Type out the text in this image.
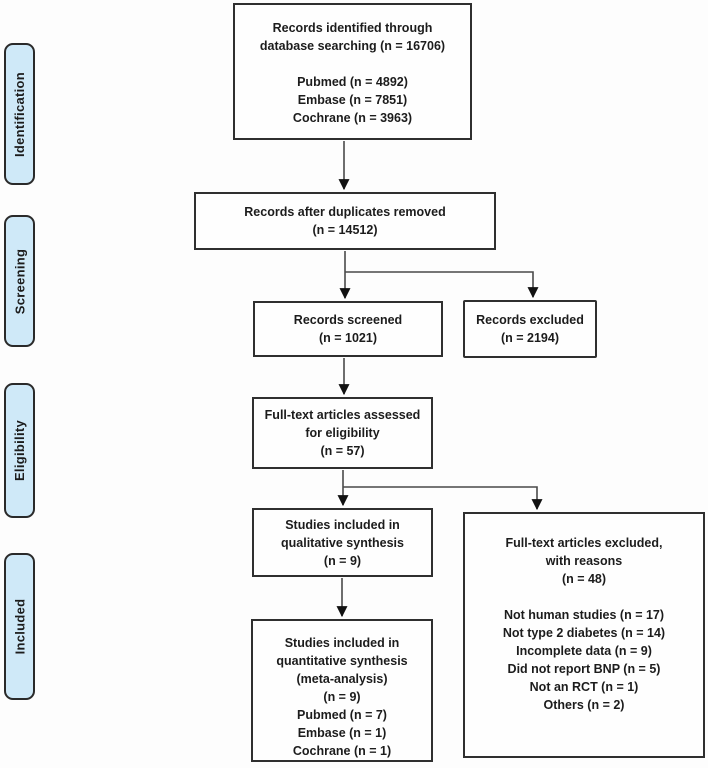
Identification
Screening
Eligibility
Included
Records identified through
database searching (n = 16706)
Pubmed (n = 4892)
Embase (n = 7851)
Cochrane (n = 3963)
Records after duplicates removed
(n = 14512)
Records screened
(n = 1021)
Records excluded
(n = 2194)
Full-text articles assessed
for eligibility
(n = 57)
Studies included in
qualitative synthesis
(n = 9)
Full-text articles excluded,
with reasons
(n = 48)
Not human studies (n = 17)
Not type 2 diabetes (n = 14)
Incomplete data (n = 9)
Did not report BNP (n = 5)
Not an RCT (n = 1)
Others (n = 2)
Studies included in
quantitative synthesis
(meta-analysis)
(n = 9)
Pubmed (n = 7)
Embase (n = 1)
Cochrane (n = 1)
